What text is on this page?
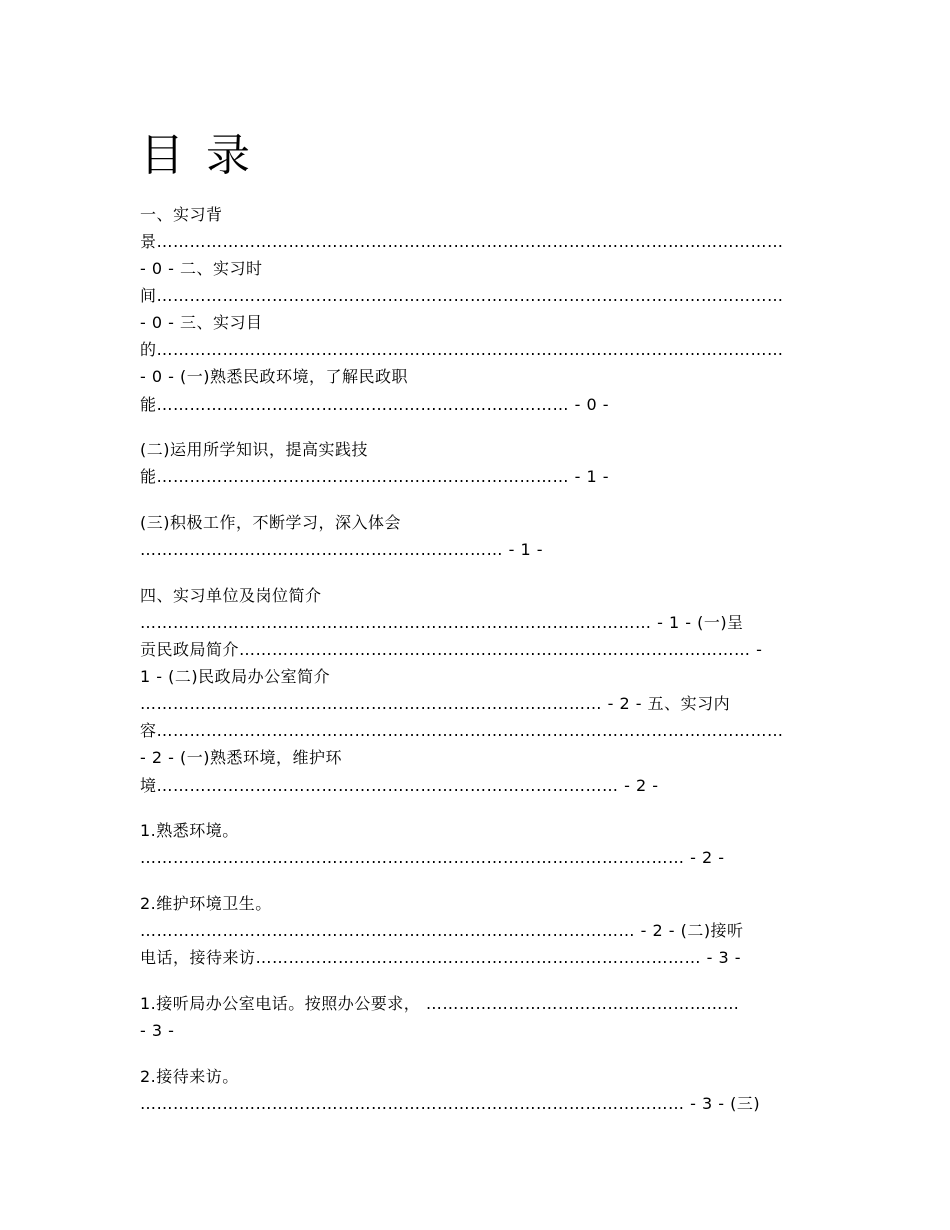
目 录

一、实习背

景……………………………………………………………………………………………………

- 0 - 二、实习时

间……………………………………………………………………………………………………

- 0 - 三、实习目

的……………………………………………………………………………………………………

- 0 - (一)熟悉民政环境，了解民政职

能………………………………………………………………… - 0 -

(二)运用所学知识，提高实践技

能………………………………………………………………… - 1 -

(三)积极工作，不断学习，深入体会

………………………………………………………… - 1 -

四、实习单位及岗位简介

………………………………………………………………………………… - 1 - (一)呈

贡民政局简介………………………………………………………………………………… -

1 - (二)民政局办公室简介

………………………………………………………………………… - 2 - 五、实习内

容……………………………………………………………………………………………………

- 2 - (一)熟悉环境，维护环

境………………………………………………………………………… - 2 -

1.熟悉环境。

……………………………………………………………………………………… - 2 -

2.维护环境卫生。

……………………………………………………………………………… - 2 - (二)接听

电话，接待来访……………………………………………………………………… - 3 -

1.接听局办公室电话。按照办公要求， …………………………………………………

- 3 -

2.接待来访。

……………………………………………………………………………………… - 3 - (三)
